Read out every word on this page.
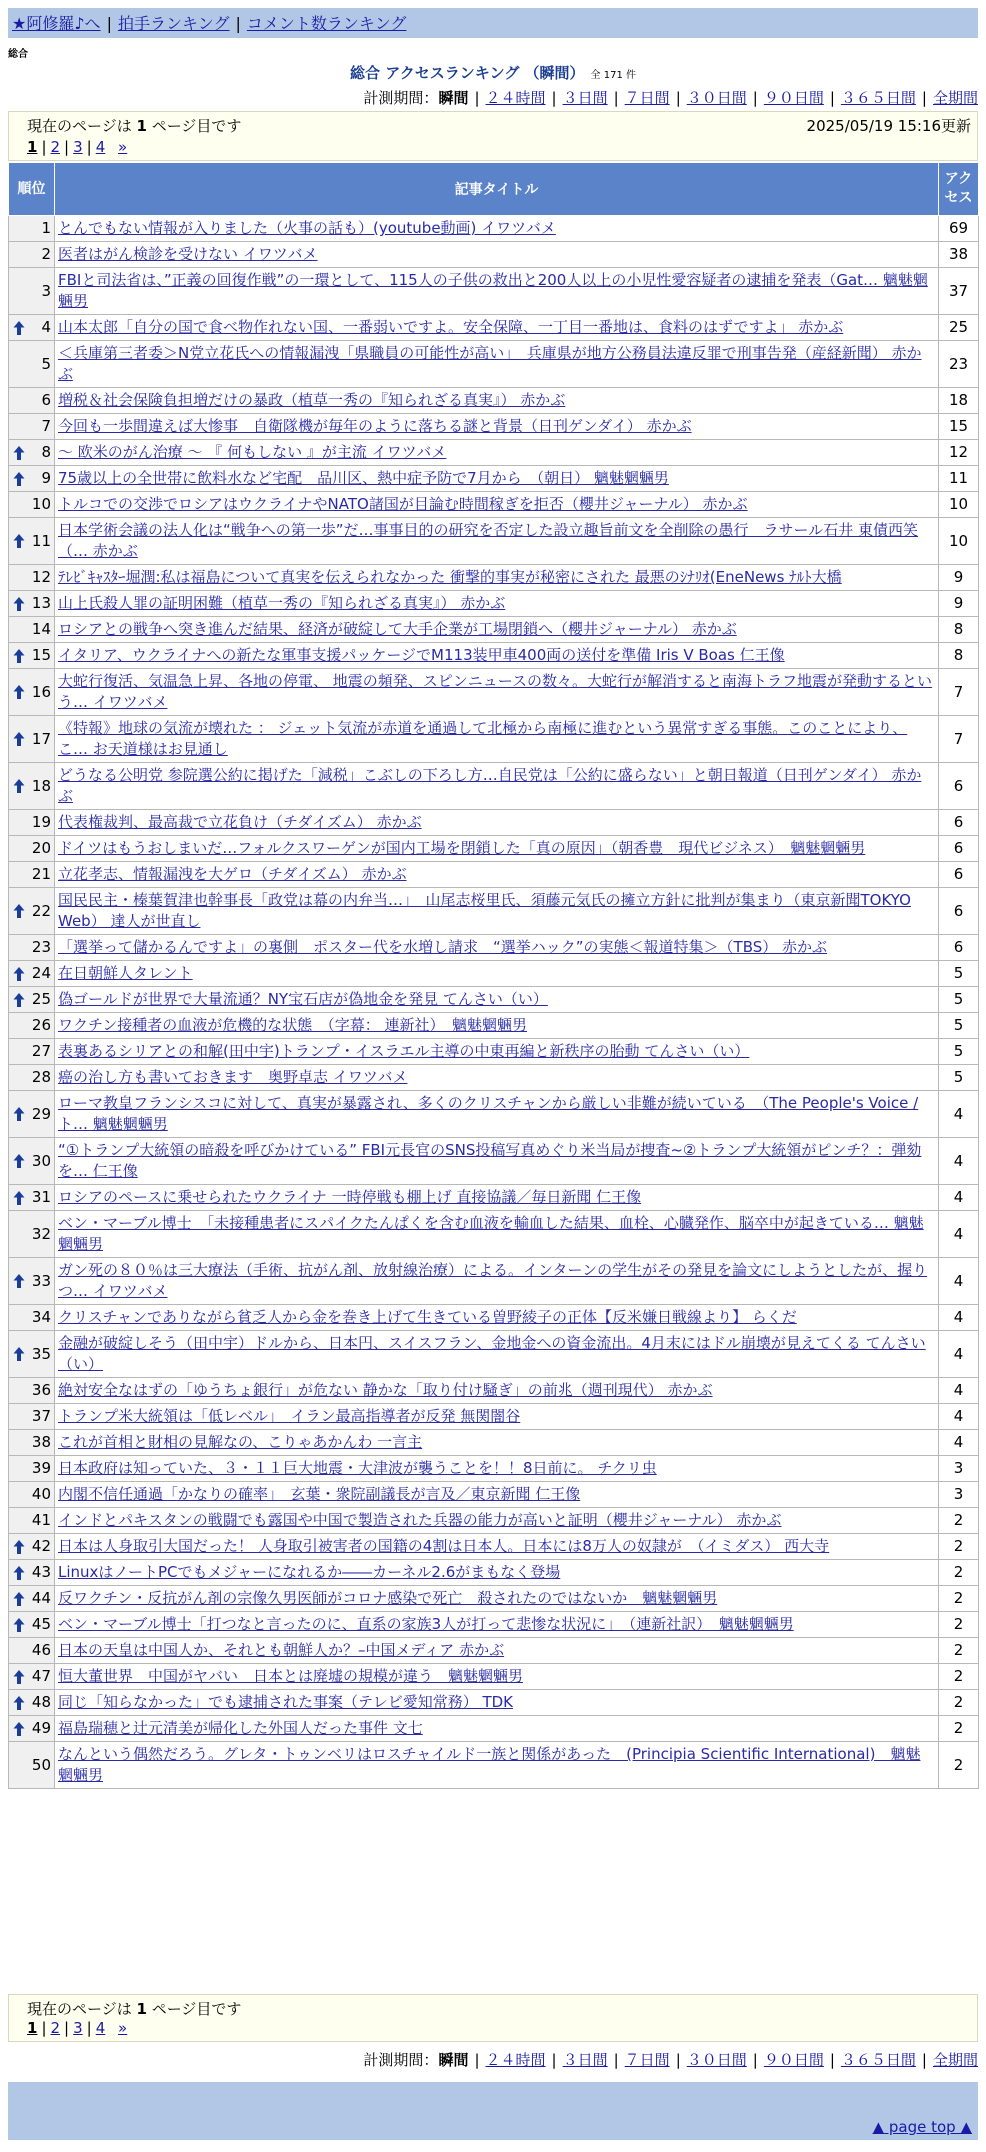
★阿修羅♪へ | 拍手ランキング | コメント数ランキング
総合
総合 アクセスランキング （瞬間） 全 171 件
計測期間：瞬間 | ２４時間 | ３日間 | ７日間 | ３０日間 | ９０日間 | ３６５日間 | 全期間
現在のページは 1 ページ目です	2025/05/19 15:16更新
1 | 2 | 3 | 4 »
順位	記事タイトル	アクセス
1	とんでもない情報が入りました（火事の話も）(youtube動画) イワツバメ	69
2	医者はがん検診を受けない イワツバメ	38
3	FBIと司法省は、”正義の回復作戦”の一環として、115人の子供の救出と200人以上の小児性愛容疑者の逮捕を発表（Gat… 魑魅魍魎男	37

4	山本太郎「自分の国で食べ物作れない国、一番弱いですよ。安全保障、一丁目一番地は、食料のはずですよ」 赤かぶ	25
5	＜兵庫第三者委＞N党立花氏への情報漏洩「県職員の可能性が高い」　兵庫県が地方公務員法違反罪で刑事告発（産経新聞） 赤かぶ	23
6	増税＆社会保険負担増だけの暴政（植草一秀の『知られざる真実』） 赤かぶ	18
7	今回も一歩間違えば大惨事　自衛隊機が毎年のように落ちる謎と背景（日刊ゲンダイ） 赤かぶ	15

8	～ 欧米のがん治療 ～ 『 何もしない 』が主流 イワツバメ	12

9	75歳以上の全世帯に飲料水など宅配　品川区、熱中症予防で7月から　（朝日） 魑魅魍魎男	11
10	トルコでの交渉でロシアはウクライナやNATO諸国が目論む時間稼ぎを拒否（櫻井ジャーナル） 赤かぶ	10

11	日本学術会議の法人化は“戦争への第一歩”だ…事事目的の研究を否定した設立趣旨前文を全削除の愚行　ラサール石井 東債西笑（… 赤かぶ	10
12	ﾃﾚﾋﾞｷｬｽﾀｰ堀潤:私は福島について真実を伝えられなかった 衝撃的事実が秘密にされた 最悪のｼﾅﾘｵ(EneNews ﾅﾙﾄ大橋	9

13	山上氏殺人罪の証明困難（植草一秀の『知られざる真実』） 赤かぶ	9
14	ロシアとの戦争へ突き進んだ結果、経済が破綻して大手企業が工場閉鎖へ（櫻井ジャーナル） 赤かぶ	8

15	イタリア、ウクライナへの新たな軍事支援パッケージでM113装甲車400両の送付を準備 Iris V Boas 仁王像	8

16	大蛇行復活、気温急上昇、各地の停電、 地震の頻発、スピンニュースの数々。大蛇行が解消すると南海トラフ地震が発動するという… イワツバメ	7

17	《特報》地球の気流が壊れた ： ジェット気流が赤道を通過して北極から南極に進むという異常すぎる事態。このことにより、こ… お天道様はお見通し	7

18	どうなる公明党 参院選公約に掲げた「減税」こぶしの下ろし方…自民党は「公約に盛らない」と朝日報道（日刊ゲンダイ） 赤かぶ	6
19	代表権裁判、最高裁で立花負け（チダイズム） 赤かぶ	6
20	ドイツはもうおしまいだ…フォルクスワーゲンが国内工場を閉鎖した「真の原因」（朝香豊　現代ビジネス）　魑魅魍魎男	6
21	立花孝志、情報漏洩を大ゲロ（チダイズム） 赤かぶ	6

22	国民民主・榛葉賀津也幹事長「政党は幕の内弁当…」　山尾志桜里氏、須藤元気氏の擁立方針に批判が集まり（東京新聞TOKYO Web） 達人が世直し	6
23	「選挙って儲かるんですよ」の裏側　ポスター代を水増し請求　“選挙ハック”の実態＜報道特集＞（TBS） 赤かぶ	6

24	在日朝鮮人タレント	5

25	偽ゴールドが世界で大量流通？NY宝石店が偽地金を発見 てんさい（い）	5
26	ワクチン接種者の血液が危機的な状態　（字幕： 連新社）　魑魅魍魎男	5
27	表裏あるシリアとの和解(田中宇)トランプ・イスラエル主導の中東再編と新秩序の胎動 てんさい（い）	5
28	癌の治し方も書いておきます　奥野卓志 イワツバメ	5

29	ローマ教皇フランシスコに対して、真実が暴露され、多くのクリスチャンから厳しい非難が続いている　（The People's Voice / ト… 魑魅魍魎男	4

30	“①トランプ大統領の暗殺を呼びかけている” FBI元長官のSNS投稿写真めぐり米当局が捜査~②トランプ大統領がピンチ？：弾劾を… 仁王像	4

31	ロシアのペースに乗せられたウクライナ 一時停戦も棚上げ 直接協議／毎日新聞 仁王像	4
32	ベン・マーブル博士　「未接種患者にスパイクたんぱくを含む血液を輸血した結果、血栓、心臓発作、脳卒中が起きている… 魑魅魍魎男	4

33	ガン死の８０％は三大療法（手術、抗がん剤、放射線治療）による。インターンの学生がその発見を論文にしようとしたが、握りつ… イワツバメ	4
34	クリスチャンでありながら貧乏人から金を巻き上げて生きている曽野綾子の正体【反米嫌日戦線より】 らくだ	4

35	金融が破綻しそう（田中宇）ドルから、日本円、スイスフラン、金地金への資金流出。4月末にはドル崩壊が見えてくる てんさい（い）	4
36	絶対安全なはずの「ゆうちょ銀行」が危ない 静かな「取り付け騒ぎ」の前兆（週刊現代） 赤かぶ	4
37	トランプ米大統領は「低レベル」　イラン最高指導者が反発 無関闇谷	4
38	これが首相と財相の見解なの、こりゃあかんわ 一言主	4
39	日本政府は知っていた、３・１１巨大地震・大津波が襲うことを！！8日前に。 チクリ虫	3
40	内閣不信任通過「かなりの確率」　玄葉・衆院副議長が言及／東京新聞 仁王像	3
41	インドとパキスタンの戦闘でも露国や中国で製造された兵器の能力が高いと証明（櫻井ジャーナル） 赤かぶ	2

42	日本は人身取引大国だった！ 人身取引被害者の国籍の4割は日本人。日本には8万人の奴隷が　（イミダス） 西大寺	2

43	LinuxはノートPCでもメジャーになれるか――カーネル2.6がまもなく登場	2

44	反ワクチン・反抗がん剤の宗像久男医師がコロナ感染で死亡　殺されたのではないか　魑魅魍魎男	2

45	ベン・マーブル博士「打つなと言ったのに、直系の家族3人が打って悲惨な状況に」　（連新社訳）　魑魅魍魎男	2
46	日本の天皇は中国人か、それとも朝鮮人か？–中国メディア 赤かぶ	2

47	恒大董世界　中国がヤバい　日本とは廃墟の規模が違う　魑魅魍魎男	2

48	同じ「知らなかった」でも逮捕された事案（テレビ愛知常務） TDK	2

49	福島瑞穂と辻元清美が帰化した外国人だった事件 文七	2
50	なんという偶然だろう。グレタ・トゥンベリはロスチャイルド一族と関係があった　(Principia Scientific International)　魑魅魍魎男	2
現在のページは 1 ページ目です
1 | 2 | 3 | 4 »
計測期間：瞬間 | ２４時間 | ３日間 | ７日間 | ３０日間 | ９０日間 | ３６５日間 | 全期間
▲ page top ▲
